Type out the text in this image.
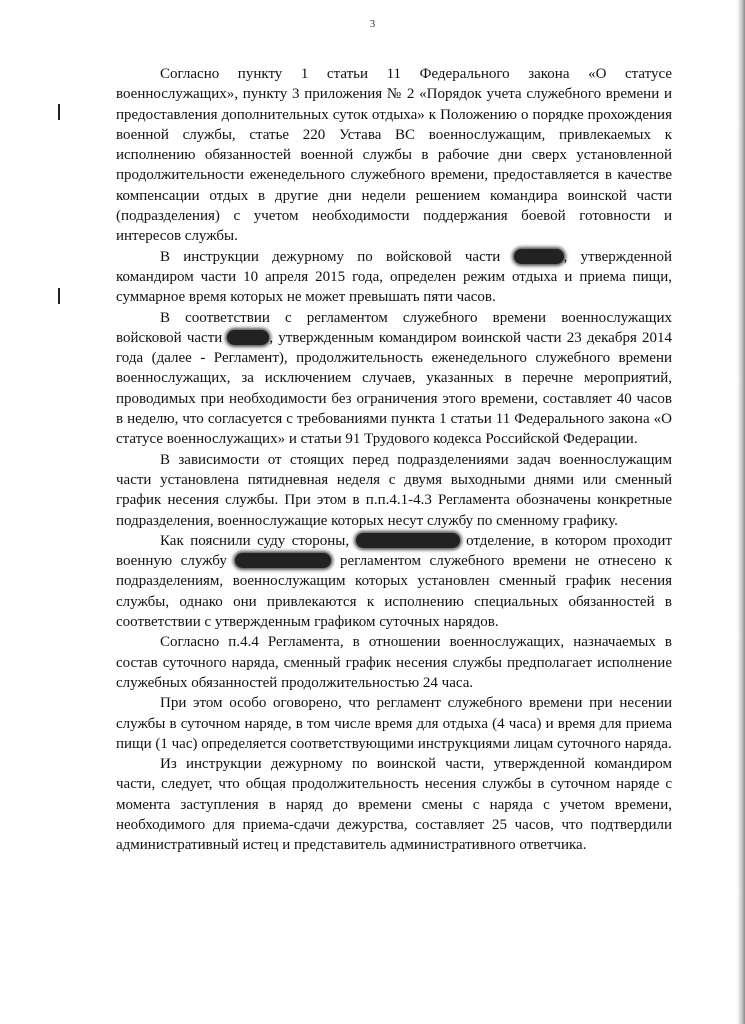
3

Согласно пункту 1 статьи 11 Федерального закона «О статусе военнослужащих», пункту 3 приложения № 2 «Порядок учета служебного времени и предоставления дополнительных суток отдыха» к Положению о порядке прохождения военной службы, статье 220 Устава ВС военнослужащим, привлекаемых к исполнению обязанностей военной службы в рабочие дни сверх установленной продолжительности еженедельного служебного времени, предоставляется в качестве компенсации отдых в другие дни недели решением командира воинской части (подразделения) с учетом необходимости поддержания боевой готовности и интересов службы.

В инструкции дежурному по войсковой части	, утвержденной командиром части 10 апреля 2015 года, определен режим отдыха и приема пищи, суммарное время которых не может превышать пяти часов.

В соответствии с регламентом служебного времени военнослужащих войсковой части	, утвержденным командиром воинской части 23 декабря 2014 года (далее - Регламент), продолжительность еженедельного служебного времени военнослужащих, за исключением случаев, указанных в перечне мероприятий, проводимых при необходимости без ограничения этого времени, составляет 40 часов в неделю, что согласуется с требованиями пункта 1 статьи 11 Федерального закона «О статусе военнослужащих» и статьи 91 Трудового кодекса Российской Федерации.

В зависимости от стоящих перед подразделениями задач военнослужащим части установлена пятидневная неделя с двумя выходными днями или сменный график несения службы. При этом в п.п.4.1-4.3 Регламента обозначены конкретные подразделения, военнослужащие которых несут службу по сменному графику.

Как пояснили суду стороны,	отделение, в котором проходит военную службу	регламентом служебного времени не отнесено к подразделениям, военнослужащим которых установлен сменный график несения службы, однако они привлекаются к исполнению специальных обязанностей в соответствии с утвержденным графиком суточных нарядов.

Согласно п.4.4 Регламента, в отношении военнослужащих, назначаемых в состав суточного наряда, сменный график несения службы предполагает исполнение служебных обязанностей продолжительностью 24 часа.

При этом особо оговорено, что регламент служебного времени при несении службы в суточном наряде, в том числе время для отдыха (4 часа) и время для приема пищи (1 час) определяется соответствующими инструкциями лицам суточного наряда.

Из инструкции дежурному по воинской части, утвержденной командиром части, следует, что общая продолжительность несения службы в суточном наряде с момента заступления в наряд до времени смены с наряда с учетом времени, необходимого для приема-сдачи дежурства, составляет 25 часов, что подтвердили административный истец и представитель административного ответчика.
